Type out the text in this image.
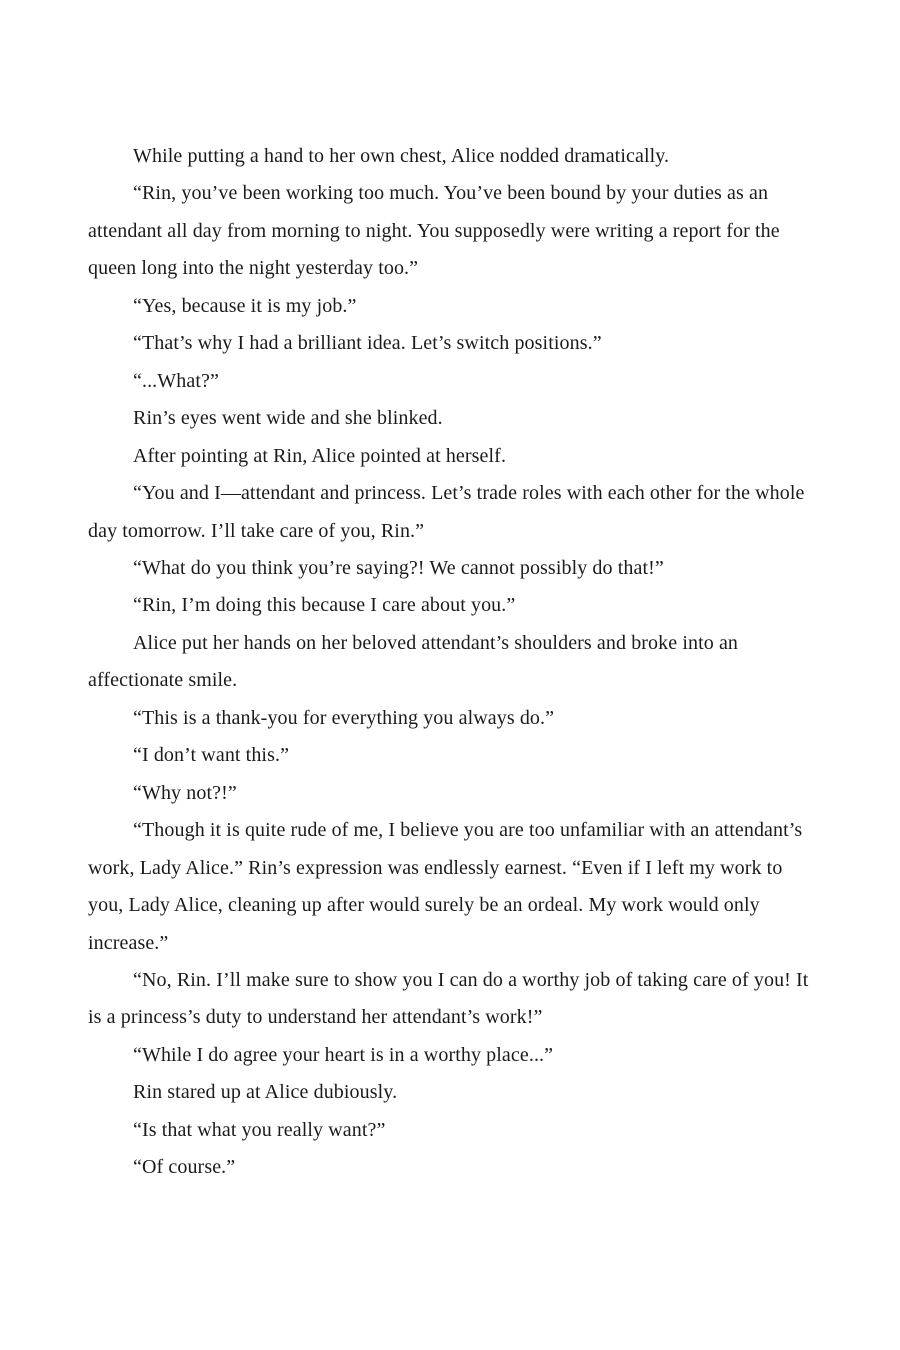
While putting a hand to her own chest, Alice nodded dramatically.

“Rin, you’ve been working too much. You’ve been bound by your duties as an attendant all day from morning to night. You supposedly were writing a report for the queen long into the night yesterday too.”

“Yes, because it is my job.”

“That’s why I had a brilliant idea. Let’s switch positions.”

“...What?”

Rin’s eyes went wide and she blinked.

After pointing at Rin, Alice pointed at herself.

“You and I—attendant and princess. Let’s trade roles with each other for the whole day tomorrow. I’ll take care of you, Rin.”

“What do you think you’re saying?! We cannot possibly do that!”

“Rin, I’m doing this because I care about you.”

Alice put her hands on her beloved attendant’s shoulders and broke into an affectionate smile.

“This is a thank-you for everything you always do.”

“I don’t want this.”

“Why not?!”

“Though it is quite rude of me, I believe you are too unfamiliar with an attendant’s work, Lady Alice.” Rin’s expression was endlessly earnest. “Even if I left my work to you, Lady Alice, cleaning up after would surely be an ordeal. My work would only increase.”

“No, Rin. I’ll make sure to show you I can do a worthy job of taking care of you! It is a princess’s duty to understand her attendant’s work!”

“While I do agree your heart is in a worthy place...”

Rin stared up at Alice dubiously.

“Is that what you really want?”

“Of course.”
